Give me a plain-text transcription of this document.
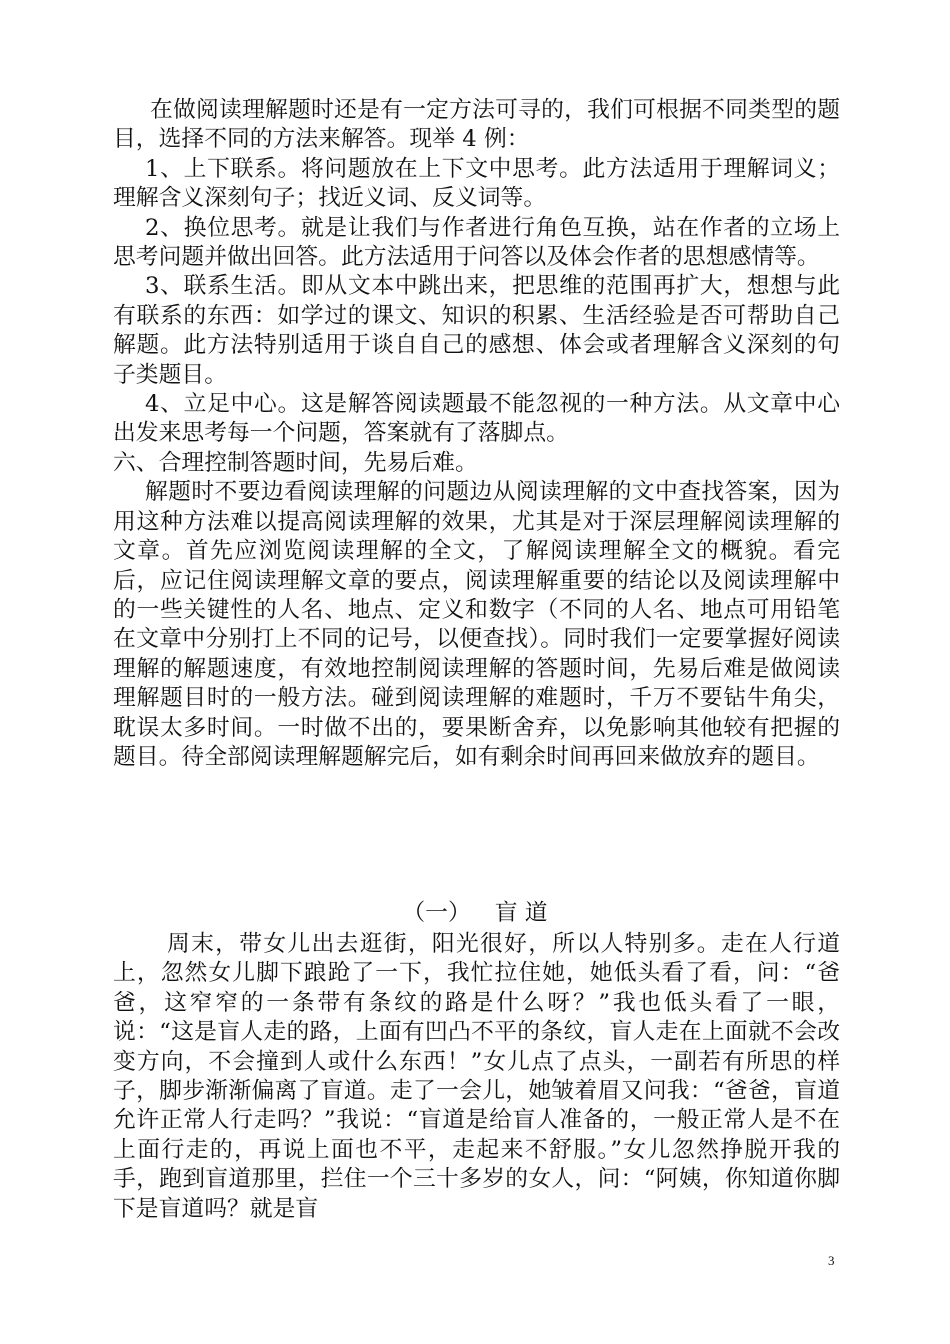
在做阅读理解题时还是有一定方法可寻的，我们可根据不同类型的题目，选择不同的方法来解答。现举 4 例：

1、上下联系。将问题放在上下文中思考。此方法适用于理解词义；理解含义深刻句子；找近义词、反义词等。

2、换位思考。就是让我们与作者进行角色互换，站在作者的立场上思考问题并做出回答。此方法适用于问答以及体会作者的思想感情等。

3、联系生活。即从文本中跳出来，把思维的范围再扩大，想想与此有联系的东西：如学过的课文、知识的积累、生活经验是否可帮助自己解题。此方法特别适用于谈自自己的感想、体会或者理解含义深刻的句子类题目。

4、立足中心。这是解答阅读题最不能忽视的一种方法。从文章中心出发来思考每一个问题，答案就有了落脚点。

六、合理控制答题时间，先易后难。

解题时不要边看阅读理解的问题边从阅读理解的文中查找答案，因为用这种方法难以提高阅读理解的效果，尤其是对于深层理解阅读理解的文章。首先应浏览阅读理解的全文，了解阅读理解全文的概貌。看完后，应记住阅读理解文章的要点，阅读理解重要的结论以及阅读理解中的一些关键性的人名、地点、定义和数字（不同的人名、地点可用铅笔在文章中分别打上不同的记号，以便查找）。同时我们一定要掌握好阅读理解的解题速度，有效地控制阅读理解的答题时间，先易后难是做阅读理解题目时的一般方法。碰到阅读理解的难题时，千万不要钻牛角尖，耽误太多时间。一时做不出的，要果断舍弃，以免影响其他较有把握的题目。待全部阅读理解题解完后，如有剩余时间再回来做放弃的题目。

（一） 盲 道

周末，带女儿出去逛街，阳光很好，所以人特别多。走在人行道上，忽然女儿脚下踉跄了一下，我忙拉住她，她低头看了看，问：“爸爸，这窄窄的一条带有条纹的路是什么呀？”我也低头看了一眼，说：“这是盲人走的路，上面有凹凸不平的条纹，盲人走在上面就不会改变方向，不会撞到人或什么东西！”女儿点了点头，一副若有所思的样子，脚步渐渐偏离了盲道。走了一会儿，她皱着眉又问我：“爸爸，盲道允许正常人行走吗？”我说：“盲道是给盲人准备的，一般正常人是不在上面行走的，再说上面也不平，走起来不舒服。”女儿忽然挣脱开我的手，跑到盲道那里，拦住一个三十多岁的女人，问：“阿姨，你知道你脚下是盲道吗？就是盲

3
